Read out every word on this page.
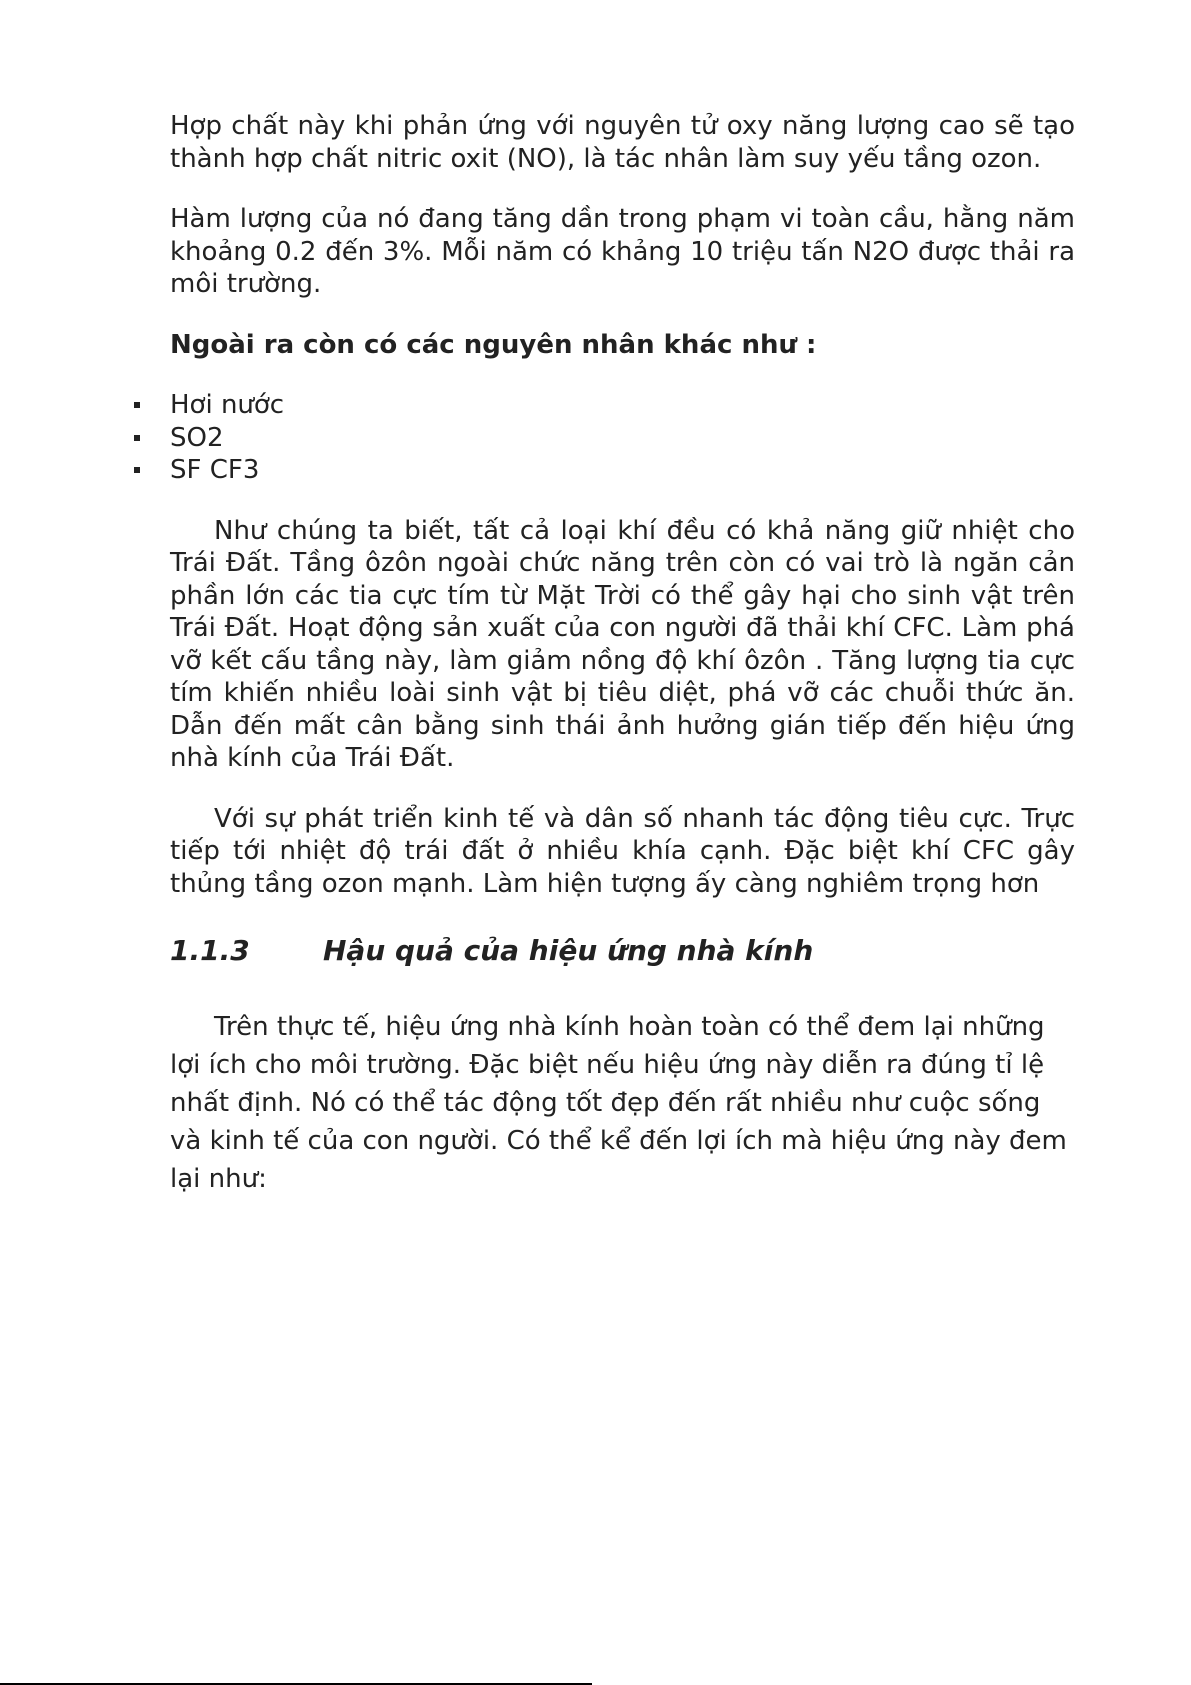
Hợp chất này khi phản ứng với nguyên tử oxy năng lượng cao sẽ tạo thành hợp chất nitric oxit (NO), là tác nhân làm suy yếu tầng ozon.

Hàm lượng của nó đang tăng dần trong phạm vi toàn cầu, hằng năm khoảng 0.2 đến 3%. Mỗi năm có khảng 10 triệu tấn N2O được thải ra môi trường.

Ngoài ra còn có các nguyên nhân khác như :

Hơi nước
SO2
SF CF3

Như chúng ta biết, tất cả loại khí đều có khả năng giữ nhiệt cho Trái Đất. Tầng ôzôn ngoài chức năng trên còn có vai trò là ngăn cản phần lớn các tia cực tím từ Mặt Trời có thể gây hại cho sinh vật trên Trái Đất. Hoạt động sản xuất của con người đã thải khí CFC. Làm phá vỡ kết cấu tầng này, làm giảm nồng độ khí ôzôn . Tăng lượng tia cực tím khiến nhiều loài sinh vật bị tiêu diệt, phá vỡ các chuỗi thức ăn. Dẫn đến mất cân bằng sinh thái ảnh hưởng gián tiếp đến hiệu ứng nhà kính của Trái Đất.

Với sự phát triển kinh tế và dân số nhanh tác động tiêu cực. Trực tiếp tới nhiệt độ trái đất ở nhiều khía cạnh. Đặc biệt khí CFC gây thủng tầng ozon mạnh. Làm hiện tượng ấy càng nghiêm trọng hơn

1.1.3	Hậu quả của hiệu ứng nhà kính

Trên thực tế, hiệu ứng nhà kính hoàn toàn có thể đem lại những lợi ích cho môi trường. Đặc biệt nếu hiệu ứng này diễn ra đúng tỉ lệ nhất định. Nó có thể tác động tốt đẹp đến rất nhiều như cuộc sống và kinh tế của con người. Có thể kể đến lợi ích mà hiệu ứng này đem lại như:
